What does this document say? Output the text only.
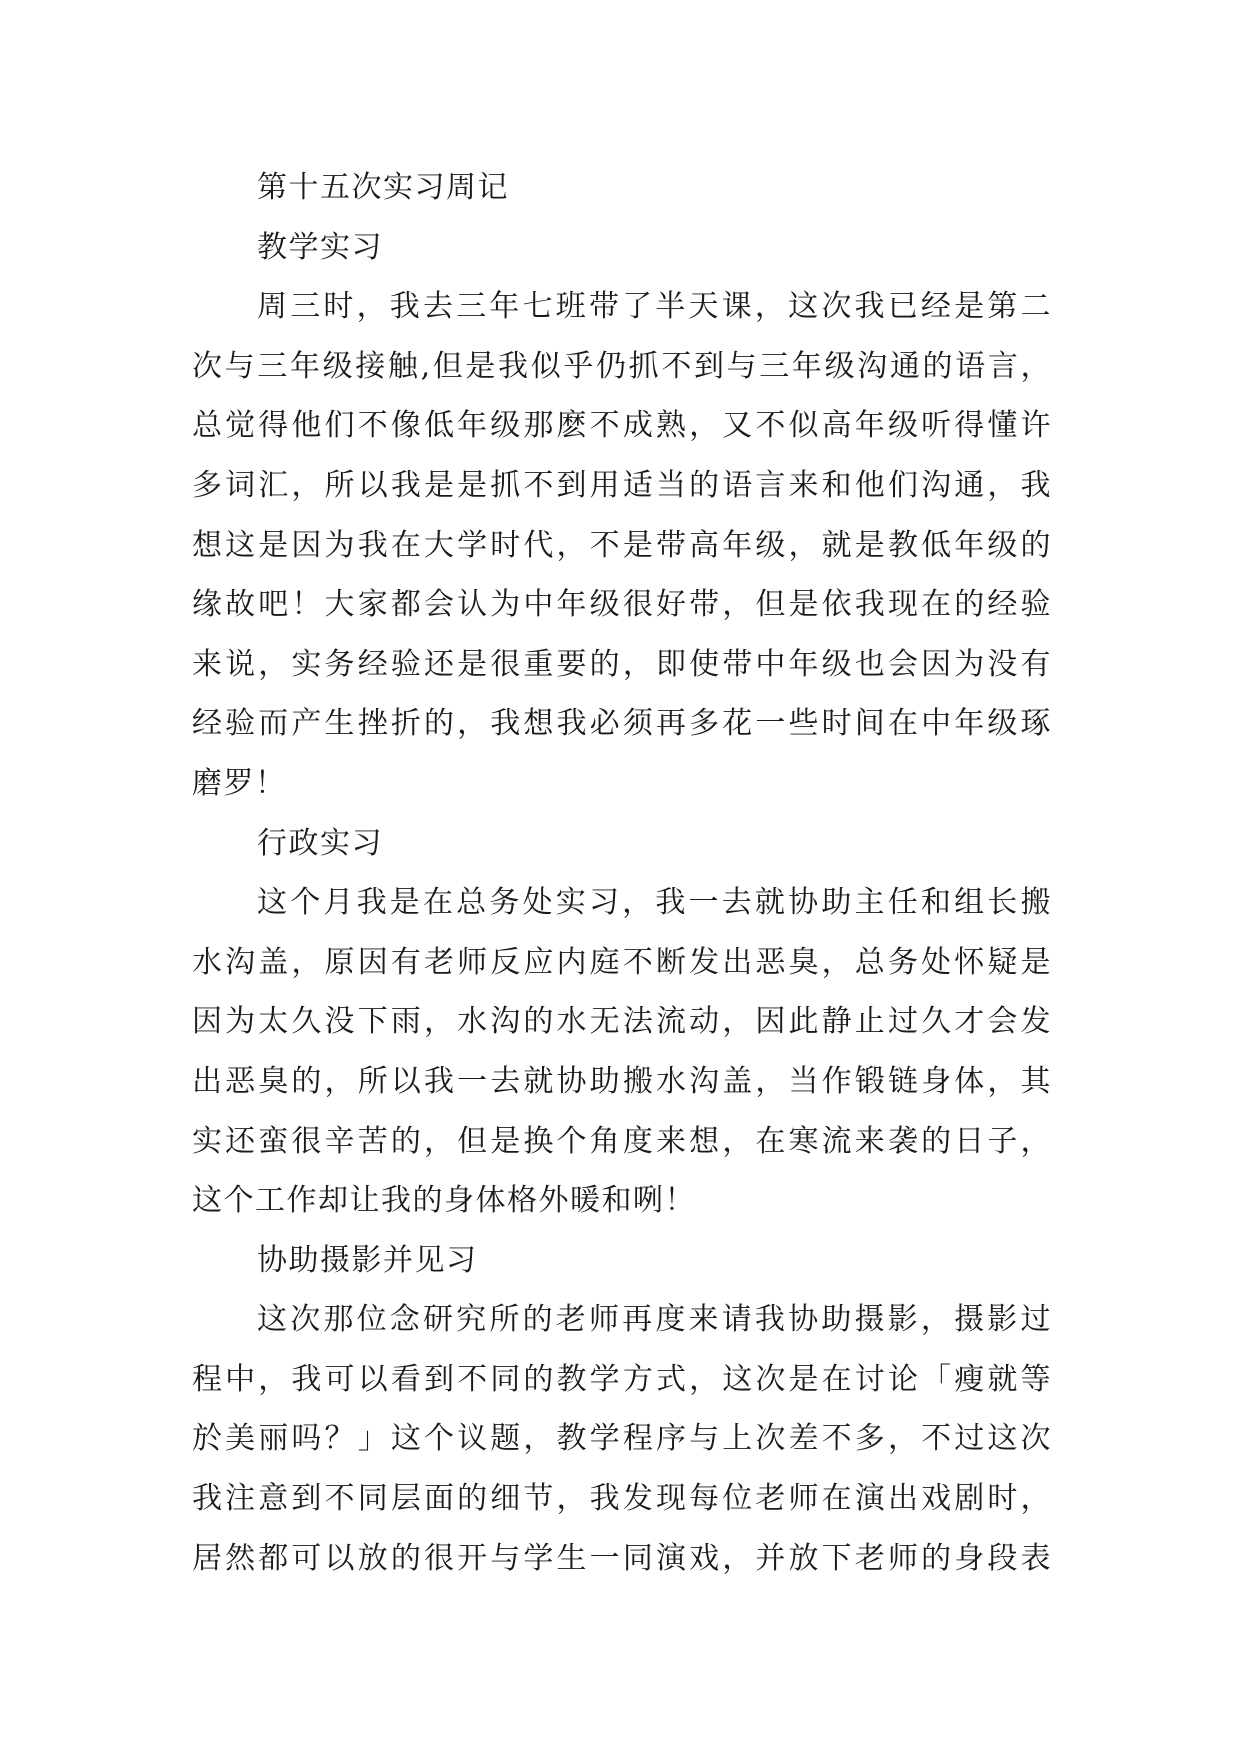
第十五次实习周记
教学实习
周三时，我去三年七班带了半天课，这次我已经是第二
次与三年级接触,但是我似乎仍抓不到与三年级沟通的语言，
总觉得他们不像低年级那麽不成熟，又不似高年级听得懂许
多词汇，所以我是是抓不到用适当的语言来和他们沟通，我
想这是因为我在大学时代，不是带高年级，就是教低年级的
缘故吧！大家都会认为中年级很好带，但是依我现在的经验
来说，实务经验还是很重要的，即使带中年级也会因为没有
经验而产生挫折的，我想我必须再多花一些时间在中年级琢
磨罗！
行政实习
这个月我是在总务处实习，我一去就协助主任和组长搬
水沟盖，原因有老师反应内庭不断发出恶臭，总务处怀疑是
因为太久没下雨，水沟的水无法流动，因此静止过久才会发
出恶臭的，所以我一去就协助搬水沟盖，当作锻链身体，其
实还蛮很辛苦的，但是换个角度来想，在寒流来袭的日子，
这个工作却让我的身体格外暖和咧！
协助摄影并见习
这次那位念研究所的老师再度来请我协助摄影，摄影过
程中，我可以看到不同的教学方式，这次是在讨论「瘦就等
於美丽吗？」这个议题，教学程序与上次差不多，不过这次
我注意到不同层面的细节，我发现每位老师在演出戏剧时，
居然都可以放的很开与学生一同演戏，并放下老师的身段表
